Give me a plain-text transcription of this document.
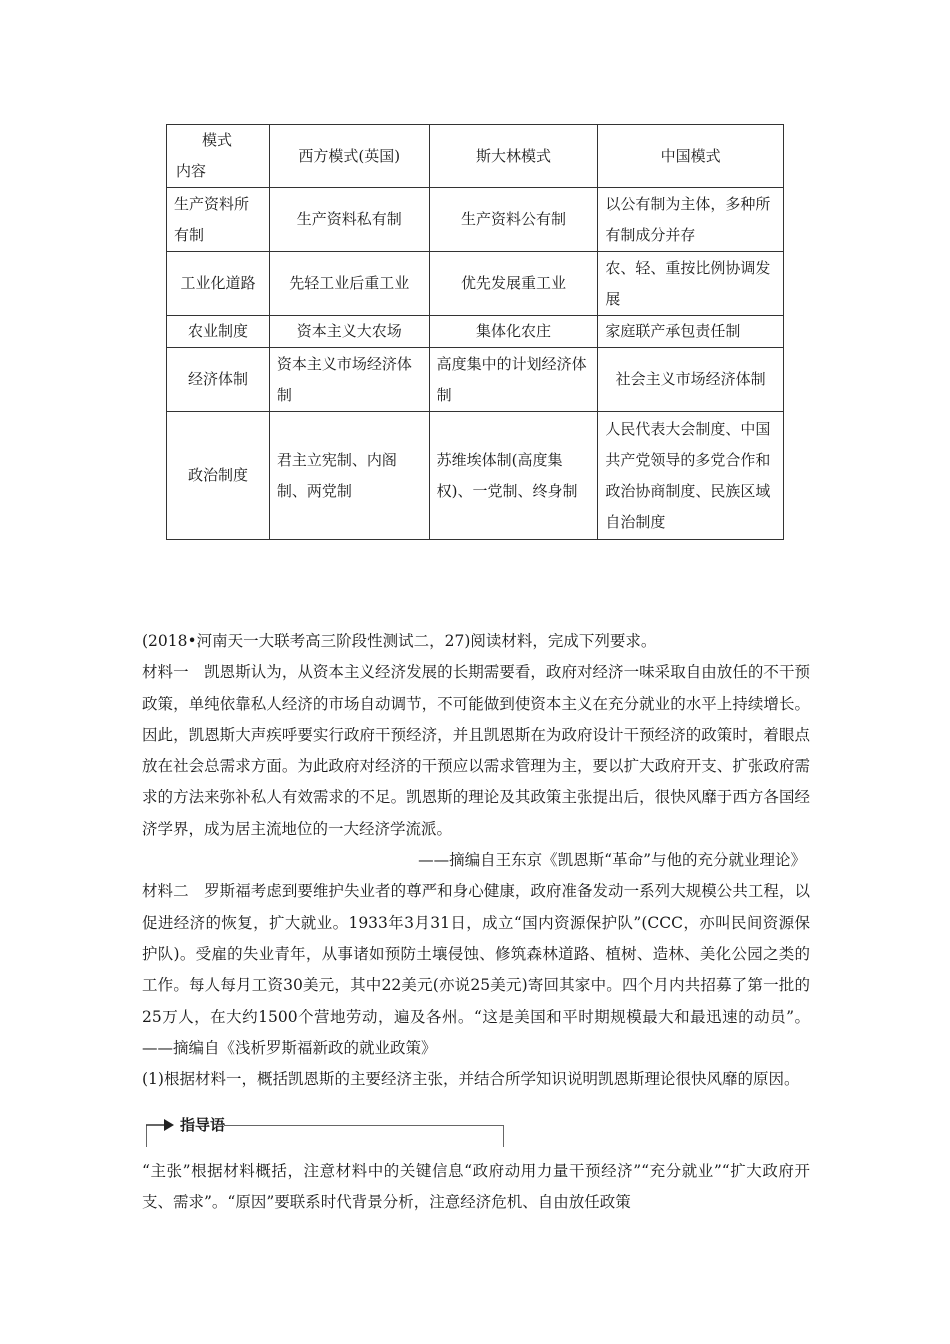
模式
内容	西方模式(英国)	斯大林模式	中国模式
生产资料所有制	生产资料私有制	生产资料公有制	以公有制为主体，多种所有制成分并存
工业化道路	先轻工业后重工业	优先发展重工业	农、轻、重按比例协调发展
农业制度	资本主义大农场	集体化农庄	家庭联产承包责任制
经济体制	资本主义市场经济体制	高度集中的计划经济体制	社会主义市场经济体制
政治制度	君主立宪制、内阁制、两党制	苏维埃体制(高度集权)、一党制、终身制	人民代表大会制度、中国共产党领导的多党合作和政治协商制度、民族区域自治制度

(2018•河南天一大联考高三阶段性测试二，27)阅读材料，完成下列要求。

材料一　凯恩斯认为，从资本主义经济发展的长期需要看，政府对经济一味采取自由放任的不干预政策，单纯依靠私人经济的市场自动调节，不可能做到使资本主义在充分就业的水平上持续增长。因此，凯恩斯大声疾呼要实行政府干预经济，并且凯恩斯在为政府设计干预经济的政策时，着眼点放在社会总需求方面。为此政府对经济的干预应以需求管理为主，要以扩大政府开支、扩张政府需求的方法来弥补私人有效需求的不足。凯恩斯的理论及其政策主张提出后，很快风靡于西方各国经济学界，成为居主流地位的一大经济学流派。

——摘编自王东京《凯恩斯“革命”与他的充分就业理论》

材料二　罗斯福考虑到要维护失业者的尊严和身心健康，政府准备发动一系列大规模公共工程，以促进经济的恢复，扩大就业。1933年3月31日，成立“国内资源保护队”(CCC，亦叫民间资源保护队)。受雇的失业青年，从事诸如预防土壤侵蚀、修筑森林道路、植树、造林、美化公园之类的工作。每人每月工资30美元，其中22美元(亦说25美元)寄回其家中。四个月内共招募了第一批的25万人，在大约1500个营地劳动，遍及各州。“这是美国和平时期规模最大和最迅速的动员”。——摘编自《浅析罗斯福新政的就业政策》

(1)根据材料一，概括凯恩斯的主要经济主张，并结合所学知识说明凯恩斯理论很快风靡的原因。

指导语

“主张”根据材料概括，注意材料中的关键信息“政府动用力量干预经济”“充分就业”“扩大政府开支、需求”。“原因”要联系时代背景分析，注意经济危机、自由放任政策
